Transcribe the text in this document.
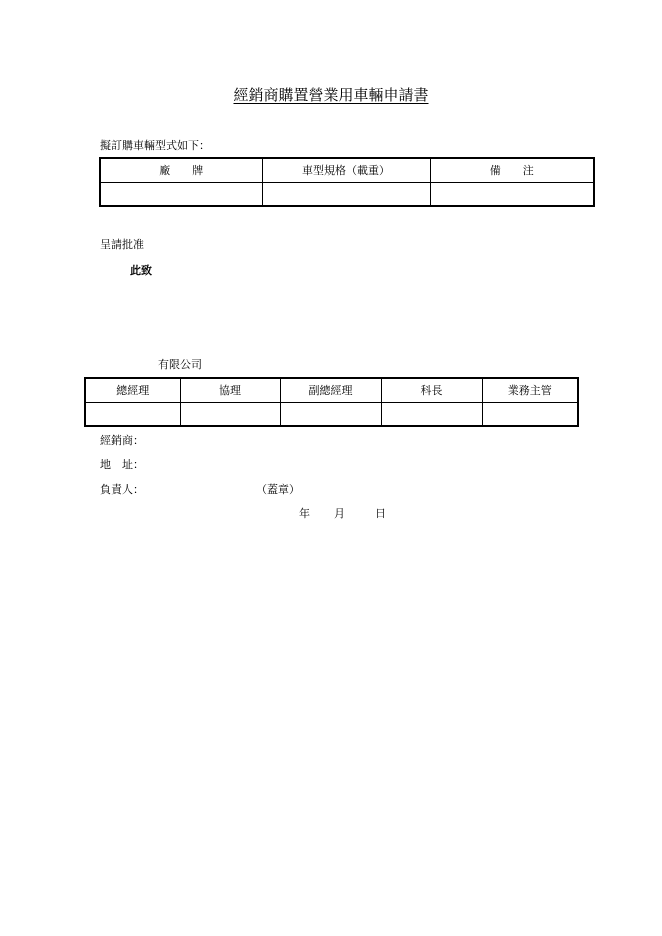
經銷商購置營業用車輛申請書
擬訂購車輛型式如下：
廠　　牌	車型規格（載重）	備　　注

呈請批准
此致
有限公司
總經理	協理	副總經理	科長	業務主管

經銷商：
地　址：
負責人：	（蓋章）
年 月	日
